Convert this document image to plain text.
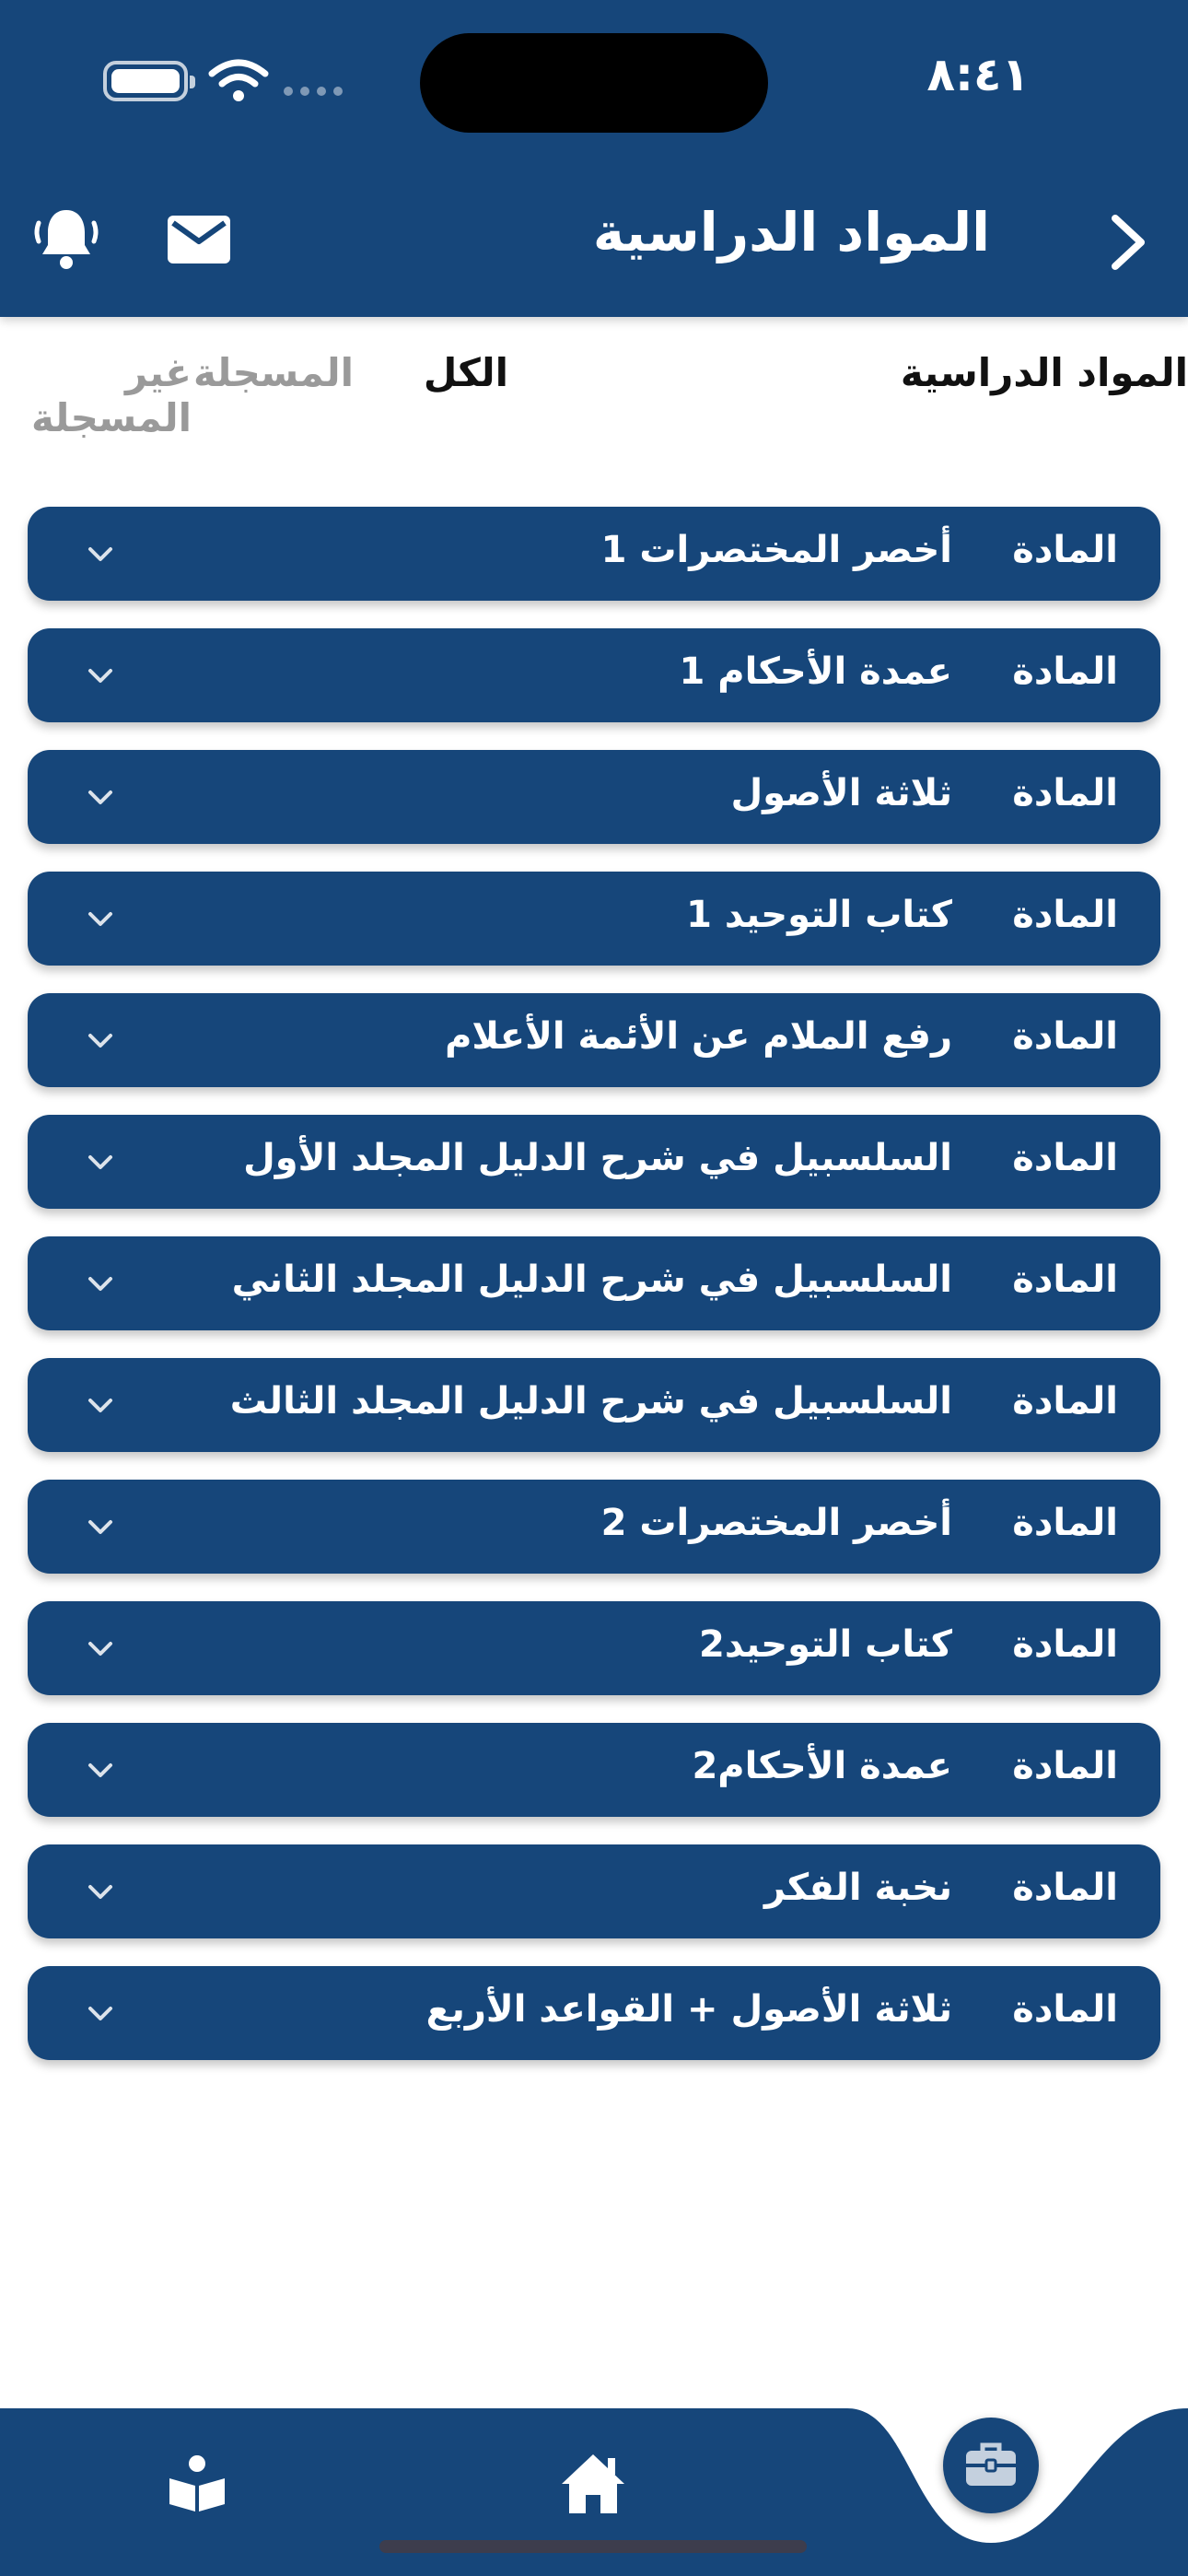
٨:٤١
المواد الدراسية
المواد الدراسية
الكل
المسجلة
غير المسجلة
المادة
أخصر المختصرات 1
المادة
عمدة الأحكام 1
المادة
ثلاثة الأصول
المادة
كتاب التوحيد 1
المادة
رفع الملام عن الأئمة الأعلام
المادة
السلسبيل في شرح الدليل المجلد الأول
المادة
السلسبيل في شرح الدليل المجلد الثاني
المادة
السلسبيل في شرح الدليل المجلد الثالث
المادة
أخصر المختصرات 2
المادة
كتاب التوحيد2
المادة
عمدة الأحكام2
المادة
نخبة الفكر
المادة
ثلاثة الأصول + القواعد الأربع
